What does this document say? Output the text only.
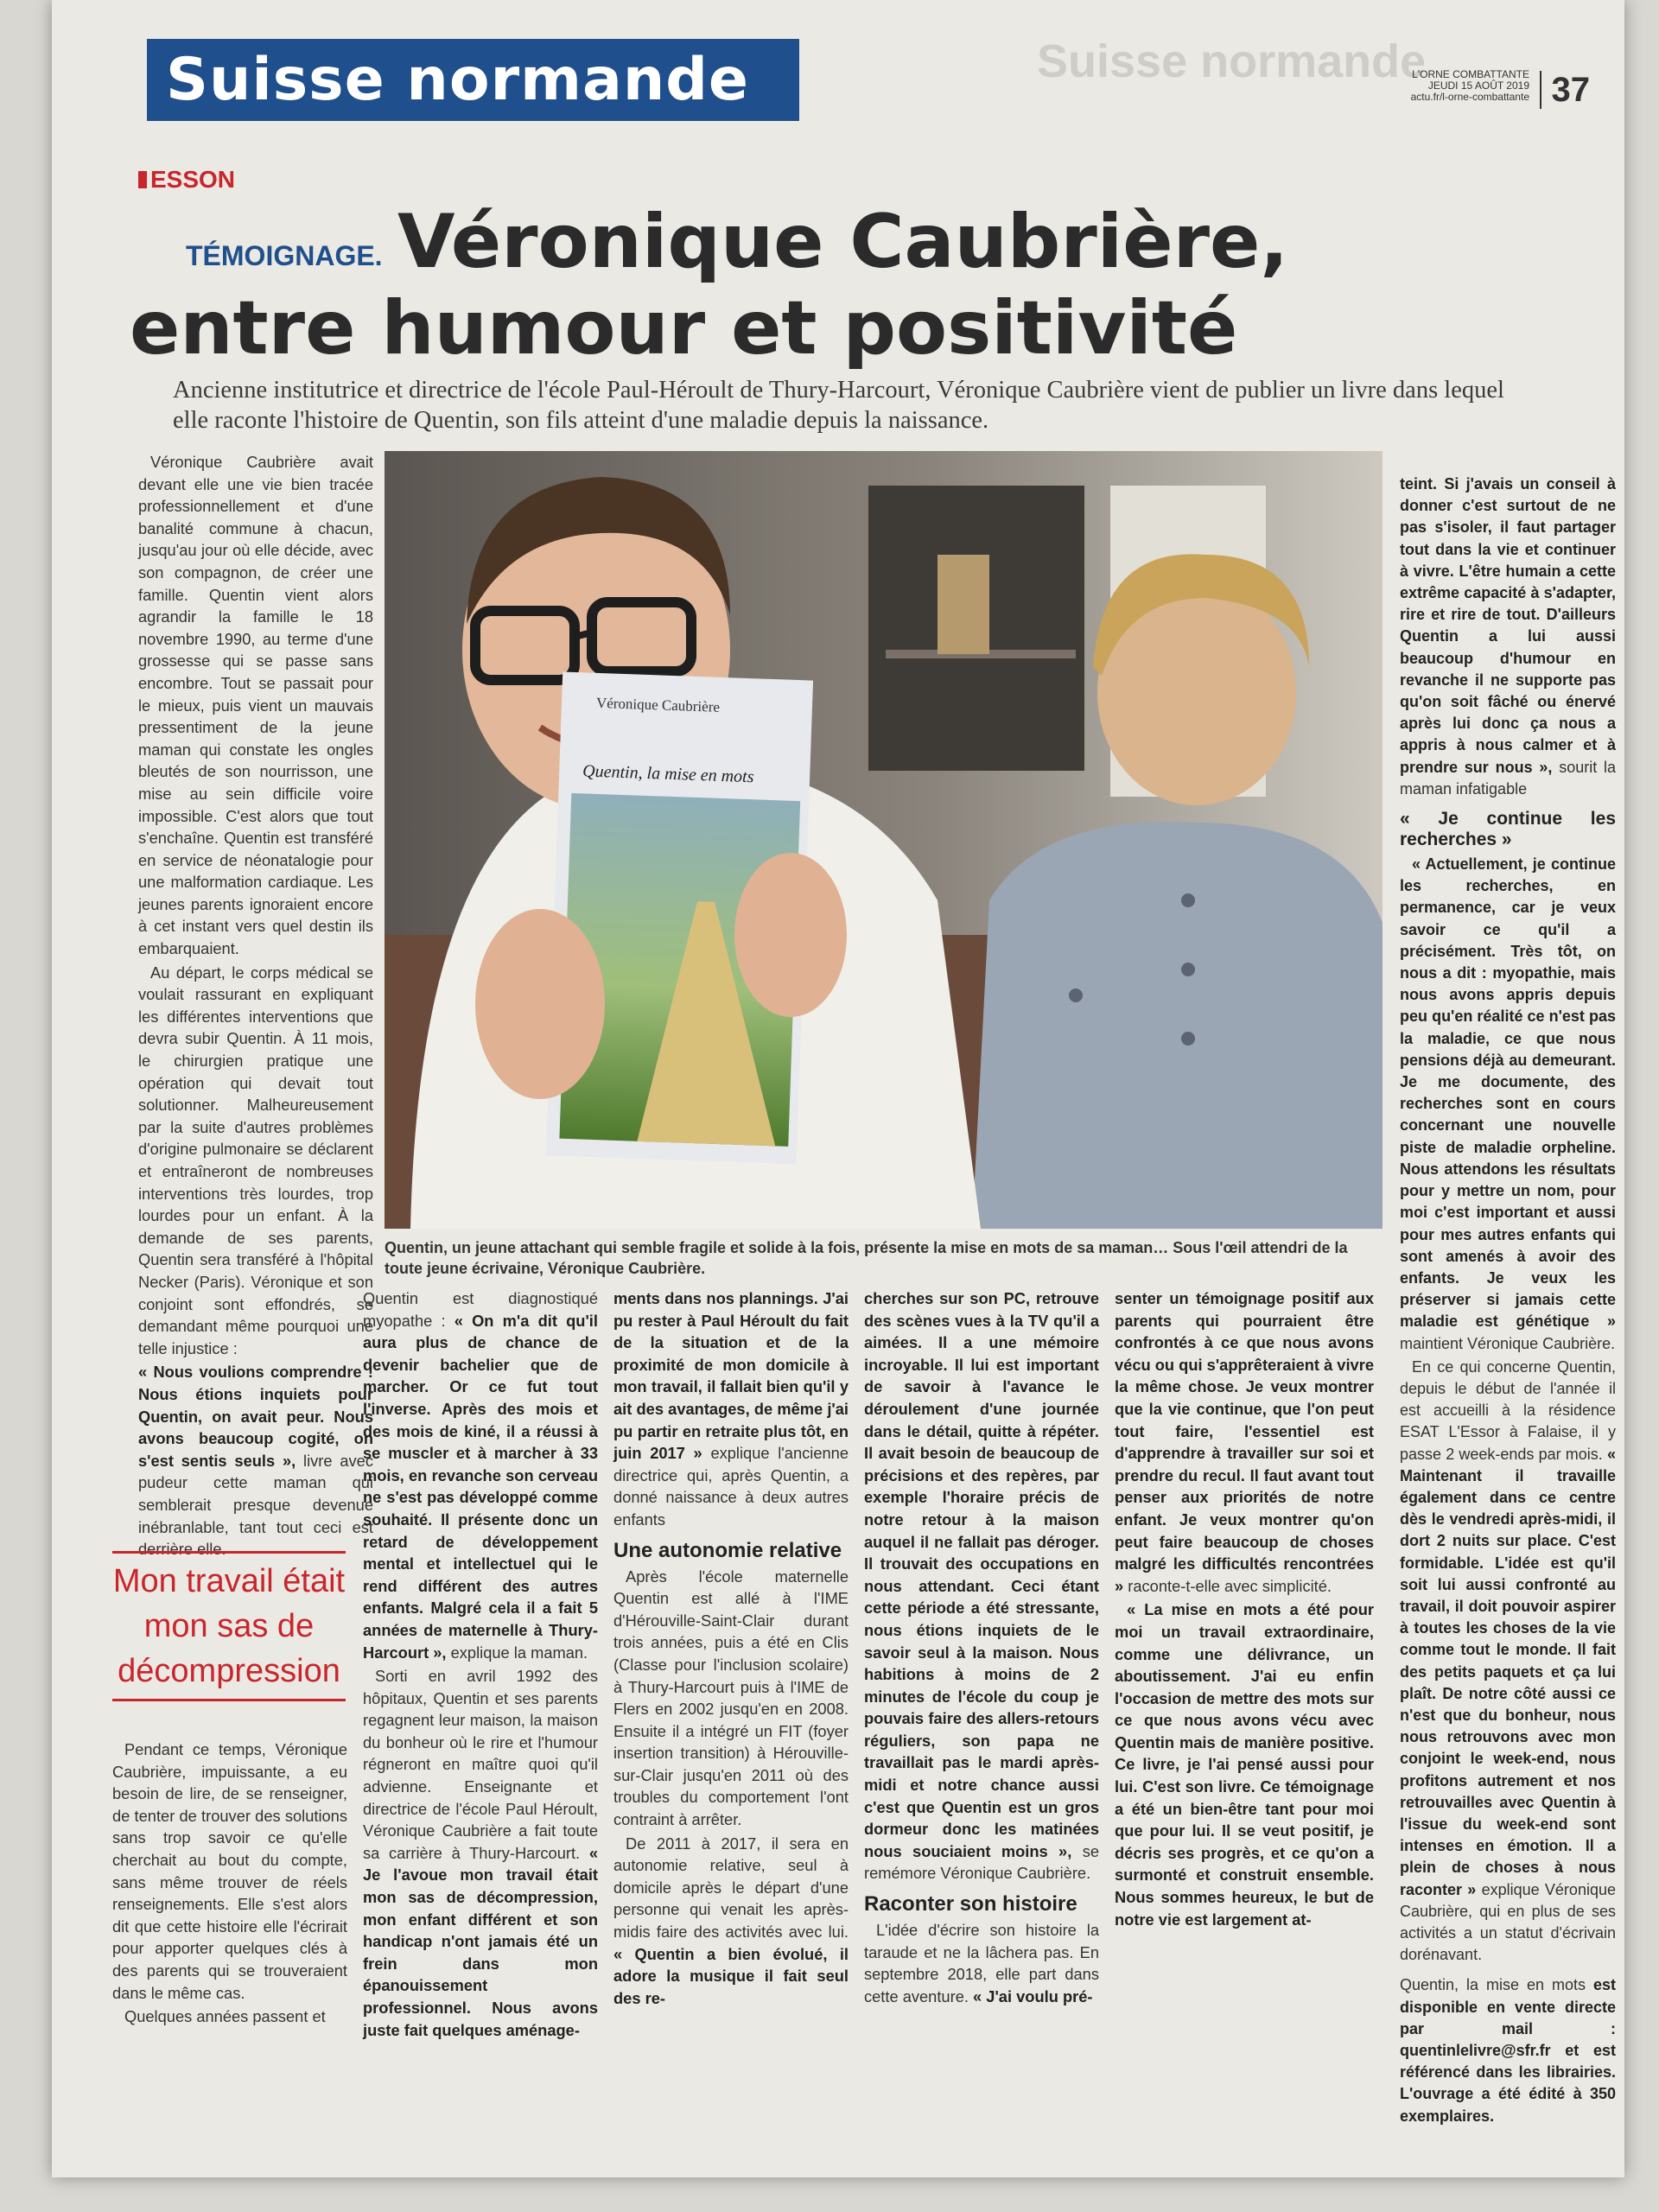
Suisse normande
Suisse normande	L'ORNE COMBATTANTE
JEUDI 15 AOÛT 2019
actu.fr/l-orne-combattante 37
ESSON
Véronique Caubrière,
entre humour et positivité
TÉMOIGNAGE.
Ancienne institutrice et directrice de l'école Paul-Héroult de Thury-Harcourt, Véronique Caubrière vient de publier un livre dans lequel elle raconte l'histoire de Quentin, son fils atteint d'une maladie depuis la naissance.
Véronique Caubrière
Quentin, la mise en mots
Quentin, un jeune attachant qui semble fragile et solide à la fois, présente la mise en mots de sa maman… Sous l'œil attendri de la toute jeune écrivaine, Véronique Caubrière.

Véronique Caubrière avait devant elle une vie bien tracée professionnellement et d'une banalité commune à chacun, jusqu'au jour où elle décide, avec son compagnon, de créer une famille. Quentin vient alors agrandir la famille le 18 novembre 1990, au terme d'une grossesse qui se passe sans encombre. Tout se passait pour le mieux, puis vient un mauvais pressentiment de la jeune maman qui constate les ongles bleutés de son nourrisson, une mise au sein difficile voire impossible. C'est alors que tout s'enchaîne. Quentin est transféré en service de néonatalogie pour une malformation cardiaque. Les jeunes parents ignoraient encore à cet instant vers quel destin ils embarquaient.

Au départ, le corps médical se voulait rassurant en expliquant les différentes interventions que devra subir Quentin. À 11 mois, le chirurgien pratique une opération qui devait tout solutionner. Malheureusement par la suite d'autres problèmes d'origine pulmonaire se déclarent et entraîneront de nombreuses interventions très lourdes, trop lourdes pour un enfant. À la demande de ses parents, Quentin sera transféré à l'hôpital Necker (Paris). Véronique et son conjoint sont effondrés, se demandant même pourquoi une telle injustice :

« Nous voulions comprendre ! Nous étions inquiets pour Quentin, on avait peur. Nous avons beaucoup cogité, on s'est sentis seuls », livre avec pudeur cette maman qui semblerait presque devenue inébranlable, tant tout ceci est derrière elle.

Mon travail était mon sas de décompression

Pendant ce temps, Véronique Caubrière, impuissante, a eu besoin de lire, de se renseigner, de tenter de trouver des solutions sans trop savoir ce qu'elle cherchait au bout du compte, sans même trouver de réels renseignements. Elle s'est alors dit que cette histoire elle l'écrirait pour apporter quelques clés à des parents qui se trouveraient dans le même cas.

Quelques années passent et

Quentin est diagnostiqué myopathe : « On m'a dit qu'il aura plus de chance de devenir bachelier que de marcher. Or ce fut tout l'inverse. Après des mois et des mois de kiné, il a réussi à se muscler et à marcher à 33 mois, en revanche son cerveau ne s'est pas développé comme souhaité. Il présente donc un retard de développement mental et intellectuel qui le rend différent des autres enfants. Malgré cela il a fait 5 années de maternelle à Thury-Harcourt », explique la maman.

Sorti en avril 1992 des hôpitaux, Quentin et ses parents regagnent leur maison, la maison du bonheur où le rire et l'humour régneront en maître quoi qu'il advienne. Enseignante et directrice de l'école Paul Héroult, Véronique Caubrière a fait toute sa carrière à Thury-Harcourt. « Je l'avoue mon travail était mon sas de décompression, mon enfant différent et son handicap n'ont jamais été un frein dans mon épanouissement professionnel. Nous avons juste fait quelques aménage-

ments dans nos plannings. J'ai pu rester à Paul Héroult du fait de la situation et de la proximité de mon domicile à mon travail, il fallait bien qu'il y ait des avantages, de même j'ai pu partir en retraite plus tôt, en juin 2017 » explique l'ancienne directrice qui, après Quentin, a donné naissance à deux autres enfants

Une autonomie relative

Après l'école maternelle Quentin est allé à l'IME d'Hérouville-Saint-Clair durant trois années, puis a été en Clis (Classe pour l'inclusion scolaire) à Thury-Harcourt puis à l'IME de Flers en 2002 jusqu'en en 2008. Ensuite il a intégré un FIT (foyer insertion transition) à Hérouville-sur-Clair jusqu'en 2011 où des troubles du comportement l'ont contraint à arrêter.

De 2011 à 2017, il sera en autonomie relative, seul à domicile après le départ d'une personne qui venait les après-midis faire des activités avec lui. « Quentin a bien évolué, il adore la musique il fait seul des re-

cherches sur son PC, retrouve des scènes vues à la TV qu'il a aimées. Il a une mémoire incroyable. Il lui est important de savoir à l'avance le déroulement d'une journée dans le détail, quitte à répéter. Il avait besoin de beaucoup de précisions et des repères, par exemple l'horaire précis de notre retour à la maison auquel il ne fallait pas déroger. Il trouvait des occupations en nous attendant. Ceci étant cette période a été stressante, nous étions inquiets de le savoir seul à la maison. Nous habitions à moins de 2 minutes de l'école du coup je pouvais faire des allers-retours réguliers, son papa ne travaillait pas le mardi après-midi et notre chance aussi c'est que Quentin est un gros dormeur donc les matinées nous souciaient moins », se remémore Véronique Caubrière.

Raconter son histoire

L'idée d'écrire son histoire la taraude et ne la lâchera pas. En septembre 2018, elle part dans cette aventure. « J'ai voulu pré-

senter un témoignage positif aux parents qui pourraient être confrontés à ce que nous avons vécu ou qui s'apprêteraient à vivre la même chose. Je veux montrer que la vie continue, que l'on peut tout faire, l'essentiel est d'apprendre à travailler sur soi et prendre du recul. Il faut avant tout penser aux priorités de notre enfant. Je veux montrer qu'on peut faire beaucoup de choses malgré les difficultés rencontrées » raconte-t-elle avec simplicité.

« La mise en mots a été pour moi un travail extraordinaire, comme une délivrance, un aboutissement. J'ai eu enfin l'occasion de mettre des mots sur ce que nous avons vécu avec Quentin mais de manière positive. Ce livre, je l'ai pensé aussi pour lui. C'est son livre. Ce témoignage a été un bien-être tant pour moi que pour lui. Il se veut positif, je décris ses progrès, et ce qu'on a surmonté et construit ensemble. Nous sommes heureux, le but de notre vie est largement at-

teint. Si j'avais un conseil à donner c'est surtout de ne pas s'isoler, il faut partager tout dans la vie et continuer à vivre. L'être humain a cette extrême capacité à s'adapter, rire et rire de tout. D'ailleurs Quentin a lui aussi beaucoup d'humour en revanche il ne supporte pas qu'on soit fâché ou énervé après lui donc ça nous a appris à nous calmer et à prendre sur nous », sourit la maman infatigable

« Je continue les recherches »

« Actuellement, je continue les recherches, en permanence, car je veux savoir ce qu'il a précisément. Très tôt, on nous a dit : myopathie, mais nous avons appris depuis peu qu'en réalité ce n'est pas la maladie, ce que nous pensions déjà au demeurant. Je me documente, des recherches sont en cours concernant une nouvelle piste de maladie orpheline. Nous attendons les résultats pour y mettre un nom, pour moi c'est important et aussi pour mes autres enfants qui sont amenés à avoir des enfants. Je veux les préserver si jamais cette maladie est génétique » maintient Véronique Caubrière.

En ce qui concerne Quentin, depuis le début de l'année il est accueilli à la résidence ESAT L'Essor à Falaise, il y passe 2 week-ends par mois. « Maintenant il travaille également dans ce centre dès le vendredi après-midi, il dort 2 nuits sur place. C'est formidable. L'idée est qu'il soit lui aussi confronté au travail, il doit pouvoir aspirer à toutes les choses de la vie comme tout le monde. Il fait des petits paquets et ça lui plaît. De notre côté aussi ce n'est que du bonheur, nous nous retrouvons avec mon conjoint le week-end, nous profitons autrement et nos retrouvailles avec Quentin à l'issue du week-end sont intenses en émotion. Il a plein de choses à nous raconter » explique Véronique Caubrière, qui en plus de ses activités a un statut d'écrivain dorénavant.

Quentin, la mise en mots est disponible en vente directe par mail : quentinlelivre@sfr.fr et est référencé dans les librairies. L'ouvrage a été édité à 350 exemplaires.
